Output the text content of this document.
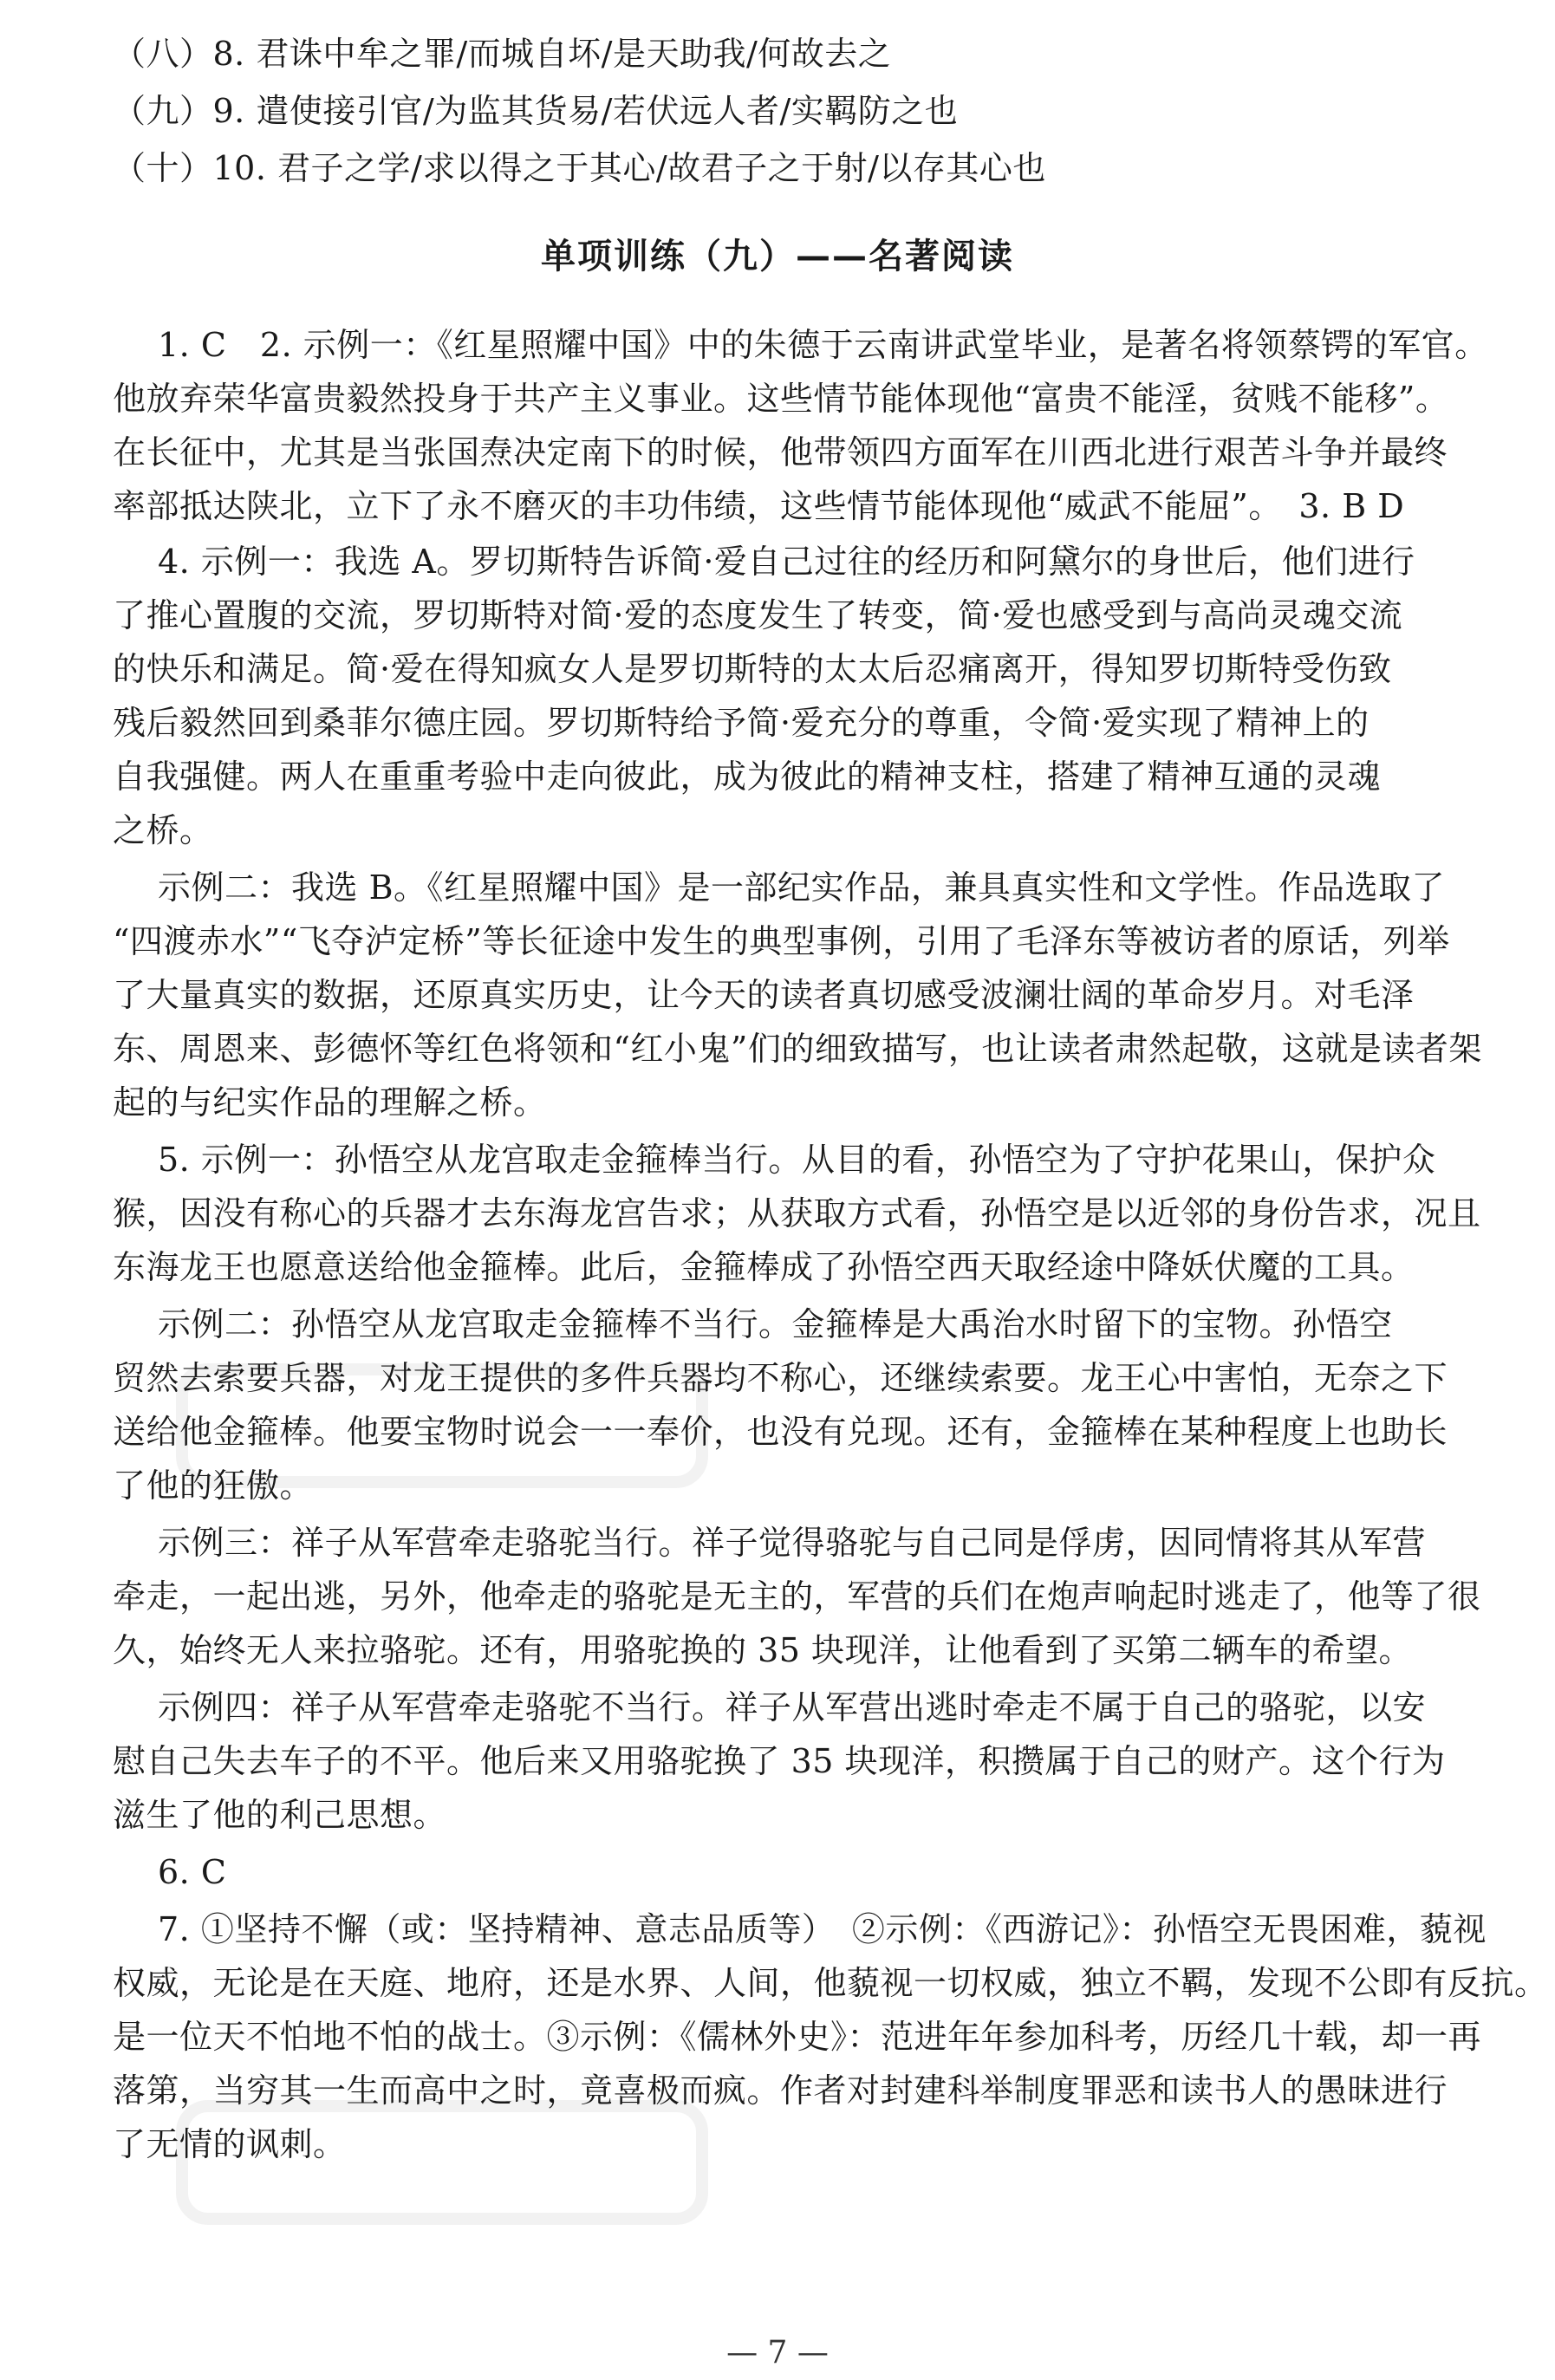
（八）8. 君诛中牟之罪/而城自坏/是天助我/何故去之
（九）9. 遣使接引官/为监其货易/若伏远人者/实羁防之也
（十）10. 君子之学/求以得之于其心/故君子之于射/以存其心也
单项训练（九）——名著阅读
1. C　2. 示例一：《红星照耀中国》中的朱德于云南讲武堂毕业，是著名将领蔡锷的军官。
他放弃荣华富贵毅然投身于共产主义事业。这些情节能体现他“富贵不能淫，贫贱不能移”。
在长征中，尤其是当张国焘决定南下的时候，他带领四方面军在川西北进行艰苦斗争并最终
率部抵达陕北，立下了永不磨灭的丰功伟绩，这些情节能体现他“威武不能屈”。　3. B D
4. 示例一：我选 A。罗切斯特告诉简·爱自己过往的经历和阿黛尔的身世后，他们进行
了推心置腹的交流，罗切斯特对简·爱的态度发生了转变，简·爱也感受到与高尚灵魂交流
的快乐和满足。简·爱在得知疯女人是罗切斯特的太太后忍痛离开，得知罗切斯特受伤致
残后毅然回到桑菲尔德庄园。罗切斯特给予简·爱充分的尊重，令简·爱实现了精神上的
自我强健。两人在重重考验中走向彼此，成为彼此的精神支柱，搭建了精神互通的灵魂
之桥。
示例二：我选 B。《红星照耀中国》是一部纪实作品，兼具真实性和文学性。作品选取了
“四渡赤水”“飞夺泸定桥”等长征途中发生的典型事例，引用了毛泽东等被访者的原话，列举
了大量真实的数据，还原真实历史，让今天的读者真切感受波澜壮阔的革命岁月。对毛泽
东、周恩来、彭德怀等红色将领和“红小鬼”们的细致描写，也让读者肃然起敬，这就是读者架
起的与纪实作品的理解之桥。
5. 示例一：孙悟空从龙宫取走金箍棒当行。从目的看，孙悟空为了守护花果山，保护众
猴，因没有称心的兵器才去东海龙宫告求；从获取方式看，孙悟空是以近邻的身份告求，况且
东海龙王也愿意送给他金箍棒。此后，金箍棒成了孙悟空西天取经途中降妖伏魔的工具。
示例二：孙悟空从龙宫取走金箍棒不当行。金箍棒是大禹治水时留下的宝物。孙悟空
贸然去索要兵器，对龙王提供的多件兵器均不称心，还继续索要。龙王心中害怕，无奈之下
送给他金箍棒。他要宝物时说会一一奉价，也没有兑现。还有，金箍棒在某种程度上也助长
了他的狂傲。
示例三：祥子从军营牵走骆驼当行。祥子觉得骆驼与自己同是俘虏，因同情将其从军营
牵走，一起出逃，另外，他牵走的骆驼是无主的，军营的兵们在炮声响起时逃走了，他等了很
久，始终无人来拉骆驼。还有，用骆驼换的 35 块现洋，让他看到了买第二辆车的希望。
示例四：祥子从军营牵走骆驼不当行。祥子从军营出逃时牵走不属于自己的骆驼，以安
慰自己失去车子的不平。他后来又用骆驼换了 35 块现洋，积攒属于自己的财产。这个行为
滋生了他的利己思想。
6. C
7. ①坚持不懈（或：坚持精神、意志品质等）　②示例：《西游记》：孙悟空无畏困难，藐视
权威，无论是在天庭、地府，还是水界、人间，他藐视一切权威，独立不羁，发现不公即有反抗。
是一位天不怕地不怕的战士。③示例：《儒林外史》：范进年年参加科考，历经几十载，却一再
落第，当穷其一生而高中之时，竟喜极而疯。作者对封建科举制度罪恶和读书人的愚昧进行
了无情的讽刺。
— 7 —
